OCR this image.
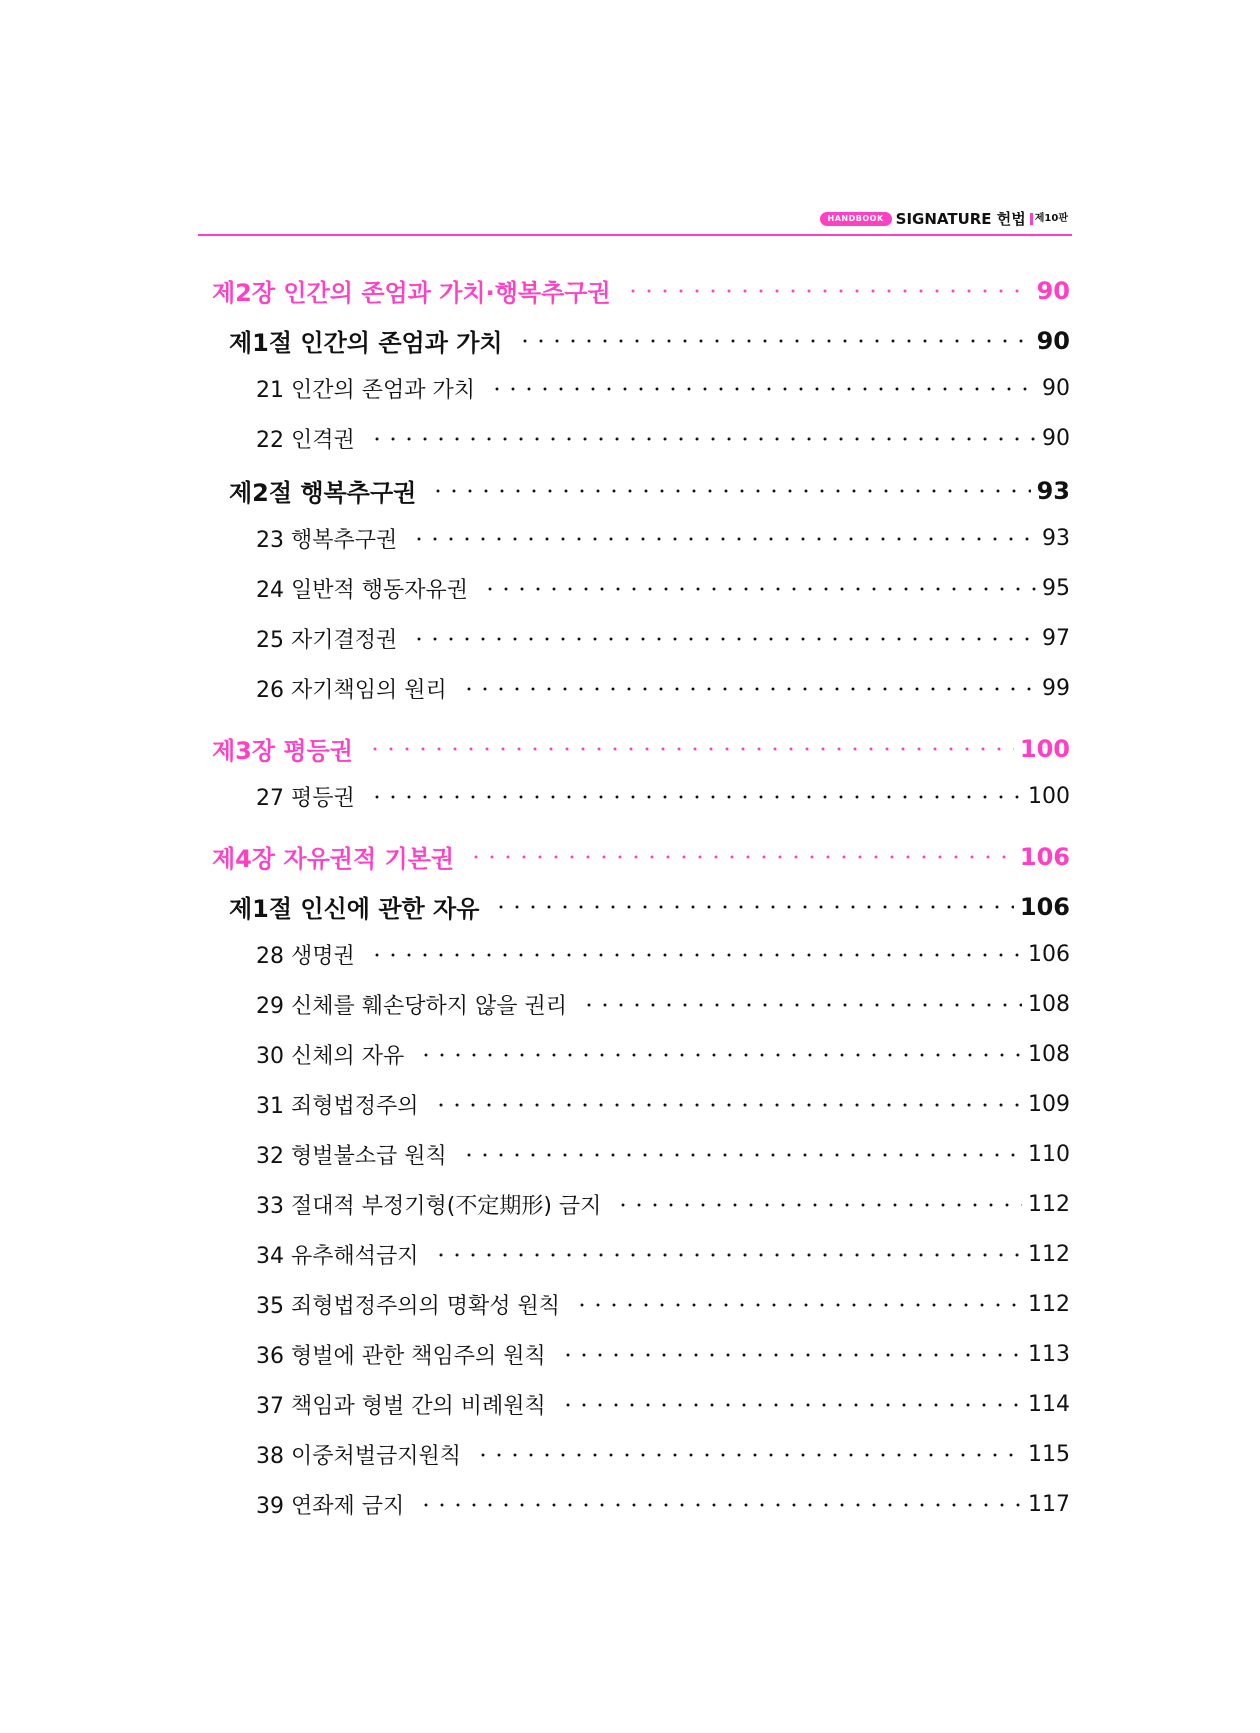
HANDBOOK SIGNATURE 헌법 제10판
제2장 인간의 존엄과 가치·행복추구권	90
제1절 인간의 존엄과 가치	90
21 인간의 존엄과 가치	90
22 인격권	90
제2절 행복추구권	93
23 행복추구권	93
24 일반적 행동자유권	95
25 자기결정권	97
26 자기책임의 원리	99
제3장 평등권	100
27 평등권	100
제4장 자유권적 기본권	106
제1절 인신에 관한 자유	106
28 생명권	106
29 신체를 훼손당하지 않을 권리	108
30 신체의 자유	108
31 죄형법정주의	109
32 형벌불소급 원칙	110
33 절대적 부정기형(不定期形) 금지	112
34 유추해석금지	112
35 죄형법정주의의 명확성 원칙	112
36 형벌에 관한 책임주의 원칙	113
37 책임과 형벌 간의 비례원칙	114
38 이중처벌금지원칙	115
39 연좌제 금지	117
